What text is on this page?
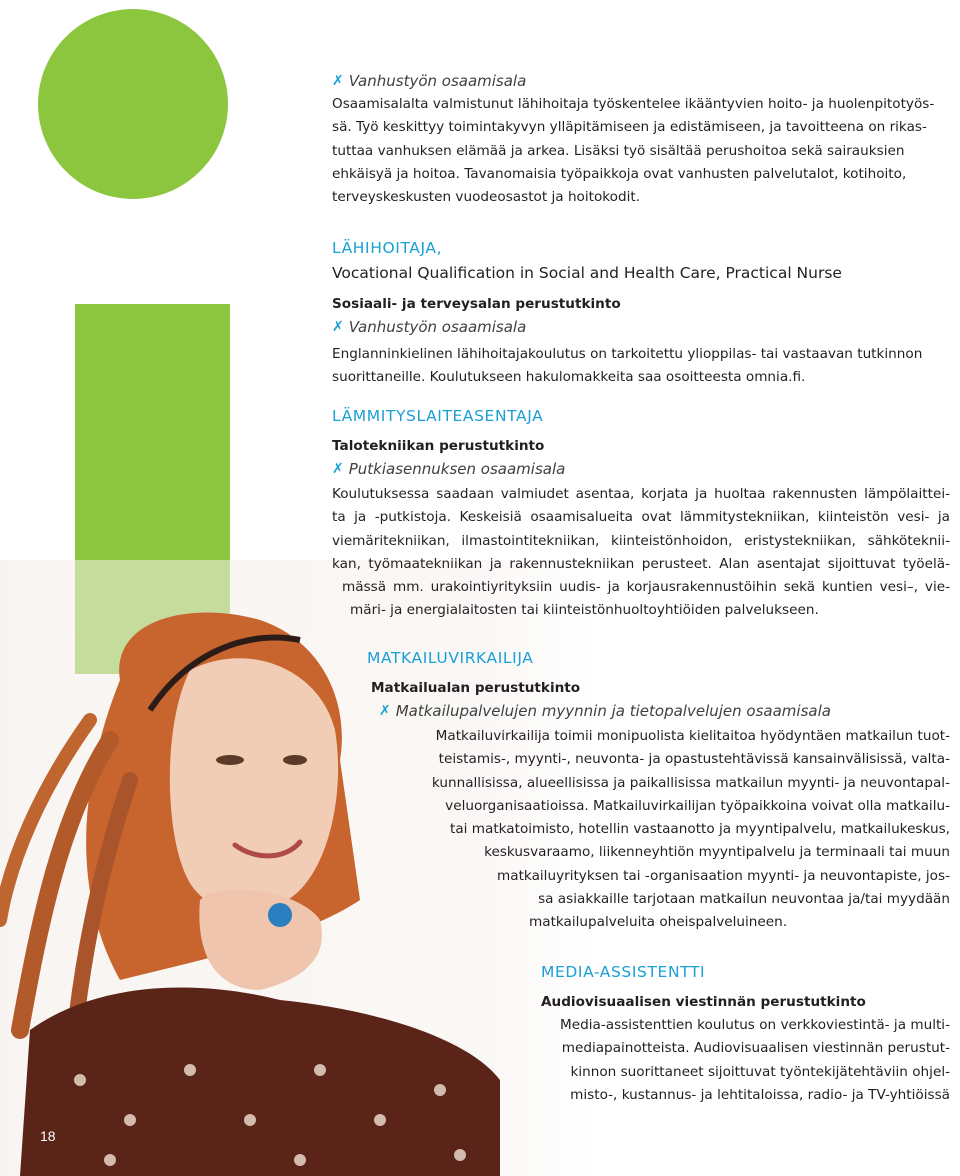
18
✗ Vanhustyön osaamisala

Osaamisalalta valmistunut lähihoitaja työskentelee ikääntyvien hoito- ja huolenpitotyös-
sä. Työ keskittyy toimintakyvyn ylläpitämiseen ja edistämiseen, ja tavoitteena on rikas-
tuttaa vanhuksen elämää ja arkea. Lisäksi työ sisältää perushoitoa sekä sairauksien
ehkäisyä ja hoitoa. Tavanomaisia työpaikkoja ovat vanhusten palvelutalot, kotihoito,
terveyskeskusten vuodeosastot ja hoitokodit.

LÄHIHOITAJA,
Vocational Qualification in Social and Health Care, Practical Nurse
Sosiaali- ja terveysalan perustutkinto
✗ Vanhustyön osaamisala

Englanninkielinen lähihoitajakoulutus on tarkoitettu ylioppilas- tai vastaavan tutkinnon
suorittaneille. Koulutukseen hakulomakkeita saa osoitteesta omnia.fi.

LÄMMITYSLAITEASENTAJA
Talotekniikan perustutkinto
✗ Putkiasennuksen osaamisala

Koulutuksessa saadaan valmiudet asentaa, korjata ja huoltaa rakennusten lämpölaittei-
ta ja -putkistoja. Keskeisiä osaamisalueita ovat lämmitystekniikan, kiinteistön vesi- ja
viemäritekniikan, ilmastointitekniikan, kiinteistönhoidon, eristystekniikan, sähköteknii-
kan, työmaatekniikan ja rakennustekniikan perusteet. Alan asentajat sijoittuvat työelä-
mässä mm. urakointiyrityksiin uudis- ja korjausrakennustöihin sekä kuntien vesi–, vie-
märi- ja energialaitosten tai kiinteistönhuoltoyhtiöiden palvelukseen.

MATKAILUVIRKAILIJA
Matkailualan perustutkinto
✗ Matkailupalvelujen myynnin ja tietopalvelujen osaamisala

Matkailuvirkailija toimii monipuolista kielitaitoa hyödyntäen matkailun tuot-
teistamis-, myynti-, neuvonta- ja opastustehtävissä kansainvälisissä, valta-
kunnallisissa, alueellisissa ja paikallisissa matkailun myynti- ja neuvontapal-
veluorganisaatioissa. Matkailuvirkailijan työpaikkoina voivat olla matkailu-
tai matkatoimisto, hotellin vastaanotto ja myyntipalvelu, matkailukeskus,
keskusvaraamo, liikenneyhtiön myyntipalvelu ja terminaali tai muun
matkailuyrityksen tai -organisaation myynti- ja neuvontapiste, jos-
sa asiakkaille tarjotaan matkailun neuvontaa ja/tai myydään
matkailupalveluita oheispalveluineen.

MEDIA-ASSISTENTTI
Audiovisuaalisen viestinnän perustutkinto

Media-assistenttien koulutus on verkkoviestintä- ja multi-
mediapainotteista. Audiovisuaalisen viestinnän perustut-
kinnon suorittaneet sijoittuvat työntekijätehtäviin ohjel-
misto-, kustannus- ja lehtitaloissa, radio- ja TV-yhtiöissä
